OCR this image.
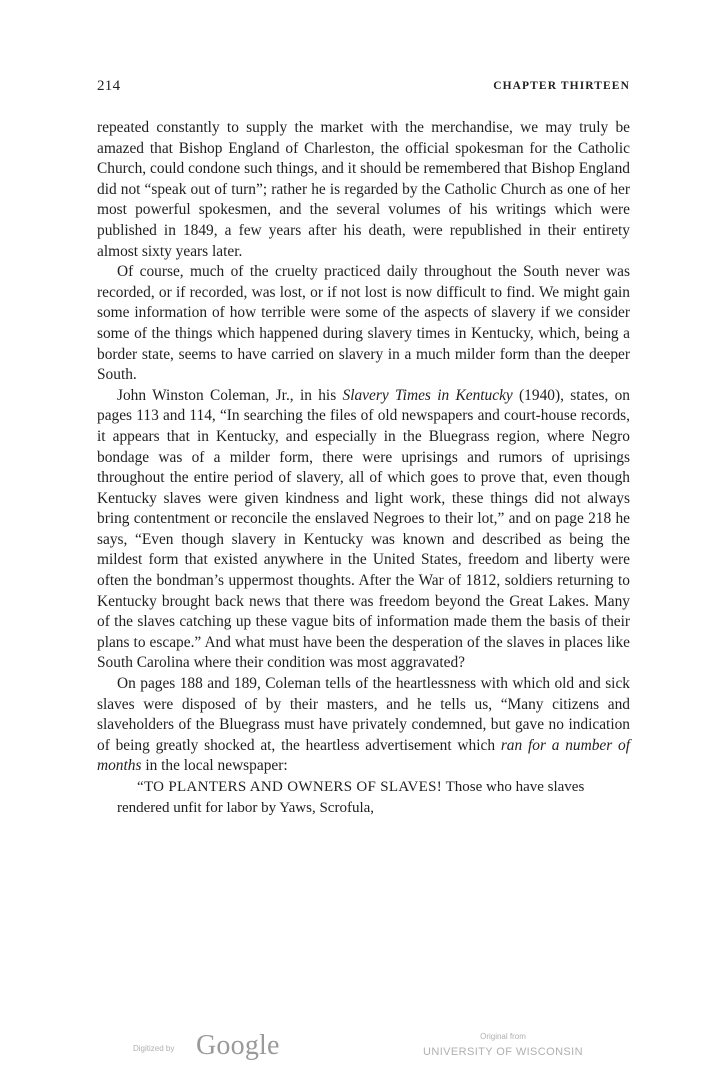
214	CHAPTER THIRTEEN

repeated constantly to supply the market with the merchandise, we may truly be amazed that Bishop England of Charleston, the official spokesman for the Catholic Church, could condone such things, and it should be remembered that Bishop England did not “speak out of turn”; rather he is regarded by the Catholic Church as one of her most powerful spokesmen, and the several volumes of his writings which were published in 1849, a few years after his death, were republished in their entirety almost sixty years later.

Of course, much of the cruelty practiced daily throughout the South never was recorded, or if recorded, was lost, or if not lost is now difficult to find. We might gain some information of how terrible were some of the aspects of slavery if we consider some of the things which happened during slavery times in Kentucky, which, being a border state, seems to have carried on slavery in a much milder form than the deeper South.

John Winston Coleman, Jr., in his Slavery Times in Kentucky (1940), states, on pages 113 and 114, “In searching the files of old newspapers and court-house records, it appears that in Kentucky, and especially in the Bluegrass region, where Negro bondage was of a milder form, there were uprisings and rumors of uprisings throughout the entire period of slavery, all of which goes to prove that, even though Kentucky slaves were given kindness and light work, these things did not always bring contentment or reconcile the enslaved Negroes to their lot,” and on page 218 he says, “Even though slavery in Kentucky was known and described as being the mildest form that existed anywhere in the United States, freedom and liberty were often the bondman’s uppermost thoughts. After the War of 1812, soldiers returning to Kentucky brought back news that there was freedom beyond the Great Lakes. Many of the slaves catching up these vague bits of information made them the basis of their plans to escape.” And what must have been the desperation of the slaves in places like South Carolina where their condition was most aggravated?

On pages 188 and 189, Coleman tells of the heartlessness with which old and sick slaves were disposed of by their masters, and he tells us, “Many citizens and slaveholders of the Bluegrass must have privately condemned, but gave no indication of being greatly shocked at, the heartless advertisement which ran for a number of months in the local newspaper:

“TO PLANTERS AND OWNERS OF SLAVES! Those who have slaves rendered unfit for labor by Yaws, Scrofula,

Digitized by Google	Original from
UNIVERSITY OF WISCONSIN
